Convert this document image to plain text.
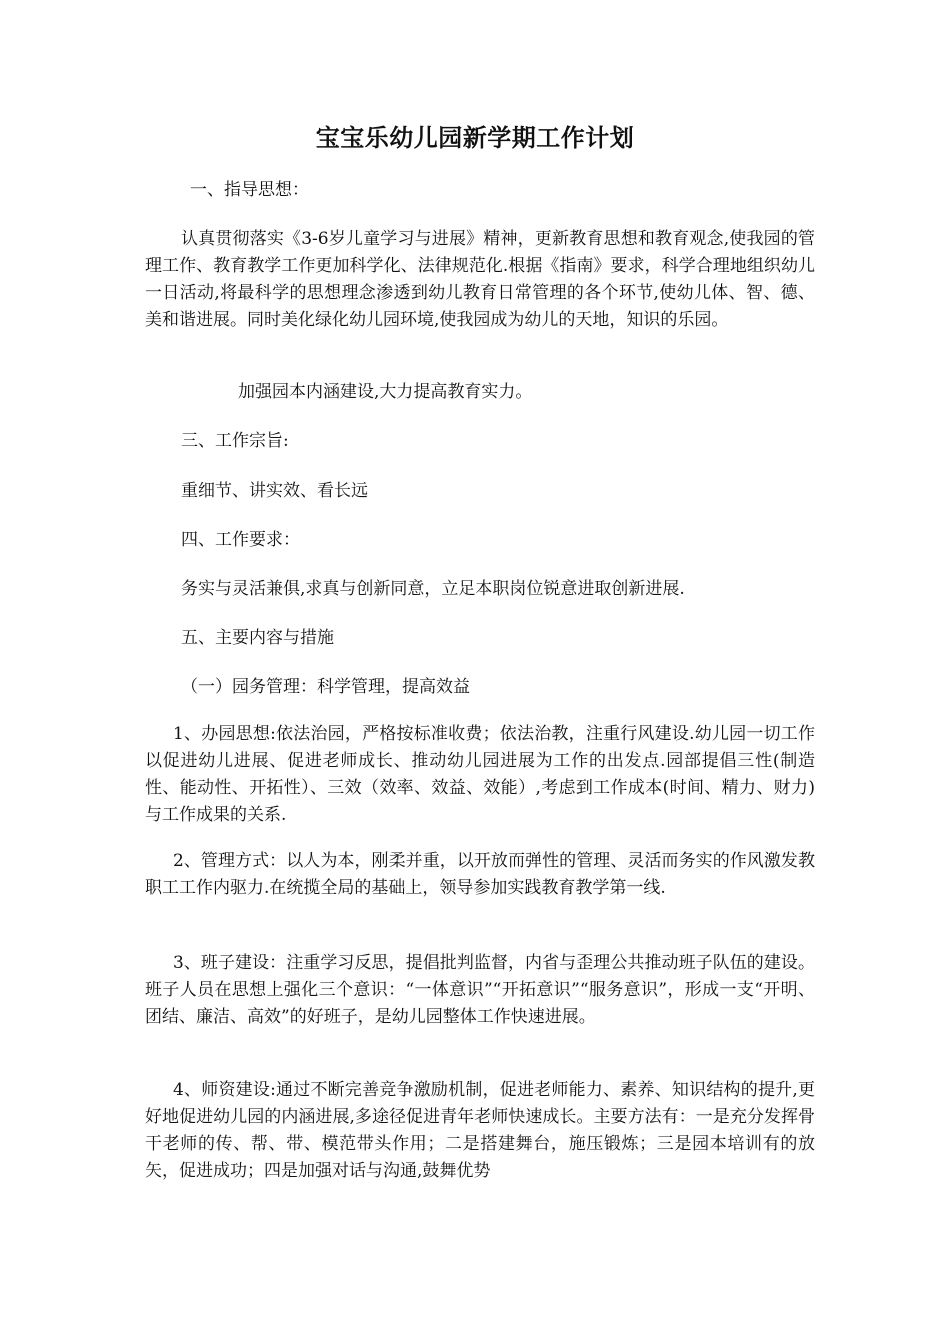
宝宝乐幼儿园新学期工作计划

一、指导思想：

认真贯彻落实《3-6岁儿童学习与进展》精神，更新教育思想和教育观念,使我园的管理工作、教育教学工作更加科学化、法律规范化.根据《指南》要求，科学合理地组织幼儿一日活动,将最科学的思想理念渗透到幼儿教育日常管理的各个环节,使幼儿体、智、德、美和谐进展。同时美化绿化幼儿园环境,使我园成为幼儿的天地，知识的乐园。

加强园本内涵建设,大力提高教育实力。

三、工作宗旨:

重细节、讲实效、看长远

四、工作要求：

务实与灵活兼俱,求真与创新同意，立足本职岗位锐意进取创新进展.

五、主要内容与措施

（一）园务管理：科学管理，提高效益

1、办园思想:依法治园，严格按标准收费；依法治教，注重行风建设.幼儿园一切工作以促进幼儿进展、促进老师成长、推动幼儿园进展为工作的出发点.园部提倡三性(制造性、能动性、开拓性）、三效（效率、效益、效能）,考虑到工作成本(时间、精力、财力)与工作成果的关系.

2、管理方式：以人为本，刚柔并重，以开放而弹性的管理、灵活而务实的作风激发教职工工作内驱力.在统揽全局的基础上，领导参加实践教育教学第一线.

3、班子建设：注重学习反思，提倡批判监督，内省与歪理公共推动班子队伍的建设。班子人员在思想上强化三个意识：“一体意识”“开拓意识”“服务意识”，形成一支“开明、团结、廉洁、高效”的好班子，是幼儿园整体工作快速进展。

4、师资建设:通过不断完善竞争激励机制，促进老师能力、素养、知识结构的提升,更好地促进幼儿园的内涵进展,多途径促进青年老师快速成长。主要方法有：一是充分发挥骨干老师的传、帮、带、模范带头作用；二是搭建舞台，施压锻炼；三是园本培训有的放矢，促进成功；四是加强对话与沟通,鼓舞优势
